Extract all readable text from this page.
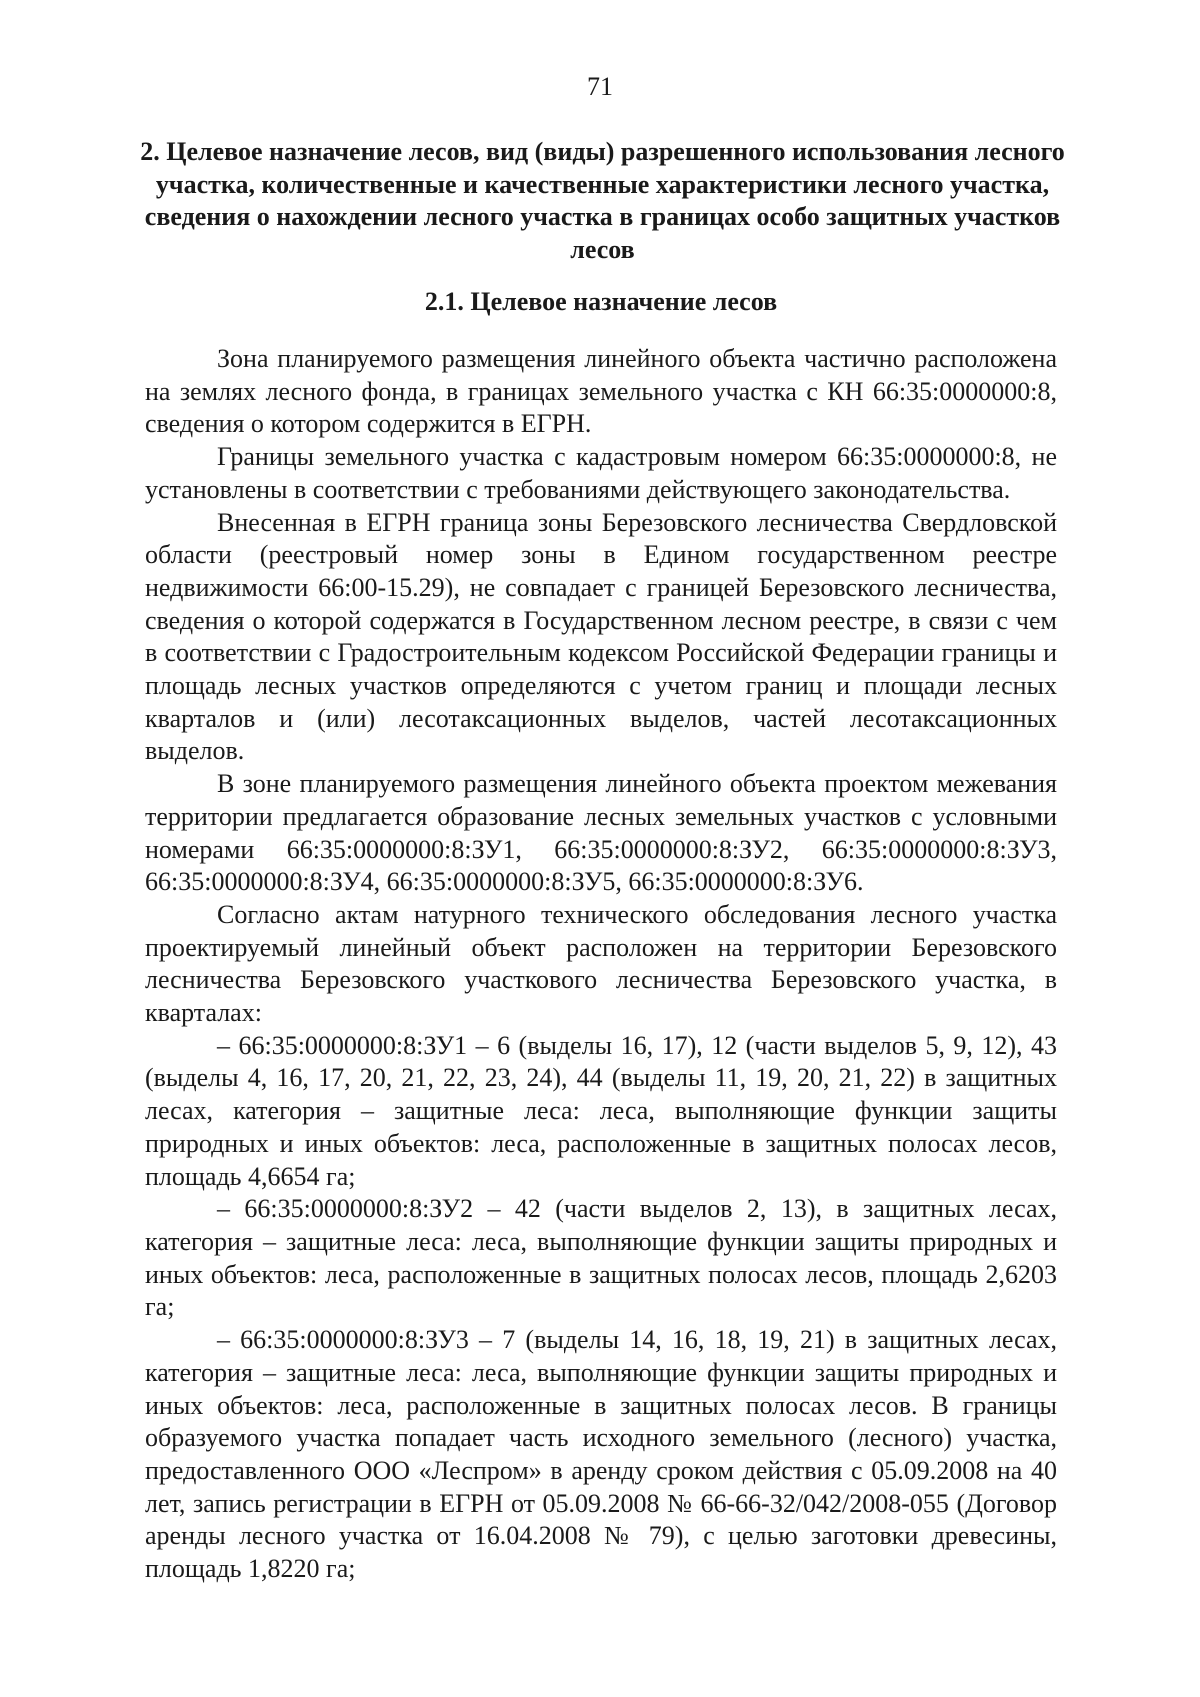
71
2. Целевое назначение лесов, вид (виды) разрешенного использования лесного участка, количественные и качественные характеристики лесного участка, сведения о нахождении лесного участка в границах особо защитных участков лесов
2.1. Целевое назначение лесов

Зона планируемого размещения линейного объекта частично расположена на землях лесного фонда, в границах земельного участка с КН 66:35:0000000:8, сведения о котором содержится в ЕГРН.

Границы земельного участка с кадастровым номером 66:35:0000000:8, не установлены в соответствии с требованиями действующего законодательства.

Внесенная в ЕГРН граница зоны Березовского лесничества Свердловской области (реестровый номер зоны в Едином государственном реестре недвижимости 66:00-15.29), не совпадает с границей Березовского лесничества, сведения о которой содержатся в Государственном лесном реестре, в связи с чем в соответствии с Градостроительным кодексом Российской Федерации границы и площадь лесных участков определяются с учетом границ и площади лесных кварталов и (или) лесотаксационных выделов, частей лесотаксационных выделов.

В зоне планируемого размещения линейного объекта проектом межевания территории предлагается образование лесных земельных участков с условными номерами 66:35:0000000:8:ЗУ1, 66:35:0000000:8:ЗУ2, 66:35:0000000:8:ЗУ3, 66:35:0000000:8:ЗУ4, 66:35:0000000:8:ЗУ5, 66:35:0000000:8:ЗУ6.

Согласно актам натурного технического обследования лесного участка проектируемый линейный объект расположен на территории Березовского лесничества Березовского участкового лесничества Березовского участка, в кварталах:

– 66:35:0000000:8:ЗУ1 – 6 (выделы 16, 17), 12 (части выделов 5, 9, 12), 43 (выделы 4, 16, 17, 20, 21, 22, 23, 24), 44 (выделы 11, 19, 20, 21, 22) в защитных лесах, категория – защитные леса: леса, выполняющие функции защиты природных и иных объектов: леса, расположенные в защитных полосах лесов, площадь 4,6654 га;

– 66:35:0000000:8:ЗУ2 – 42 (части выделов 2, 13), в защитных лесах, категория – защитные леса: леса, выполняющие функции защиты природных и иных объектов: леса, расположенные в защитных полосах лесов, площадь 2,6203 га;

– 66:35:0000000:8:ЗУ3 – 7 (выделы 14, 16, 18, 19, 21) в защитных лесах, категория – защитные леса: леса, выполняющие функции защиты природных и иных объектов: леса, расположенные в защитных полосах лесов. В границы образуемого участка попадает часть исходного земельного (лесного) участка, предоставленного ООО «Леспром» в аренду сроком действия с 05.09.2008 на 40 лет, запись регистрации в ЕГРН от 05.09.2008 № 66-66-32/042/2008-055 (Договор аренды лесного участка от 16.04.2008 № 79), с целью заготовки древесины, площадь 1,8220 га;
